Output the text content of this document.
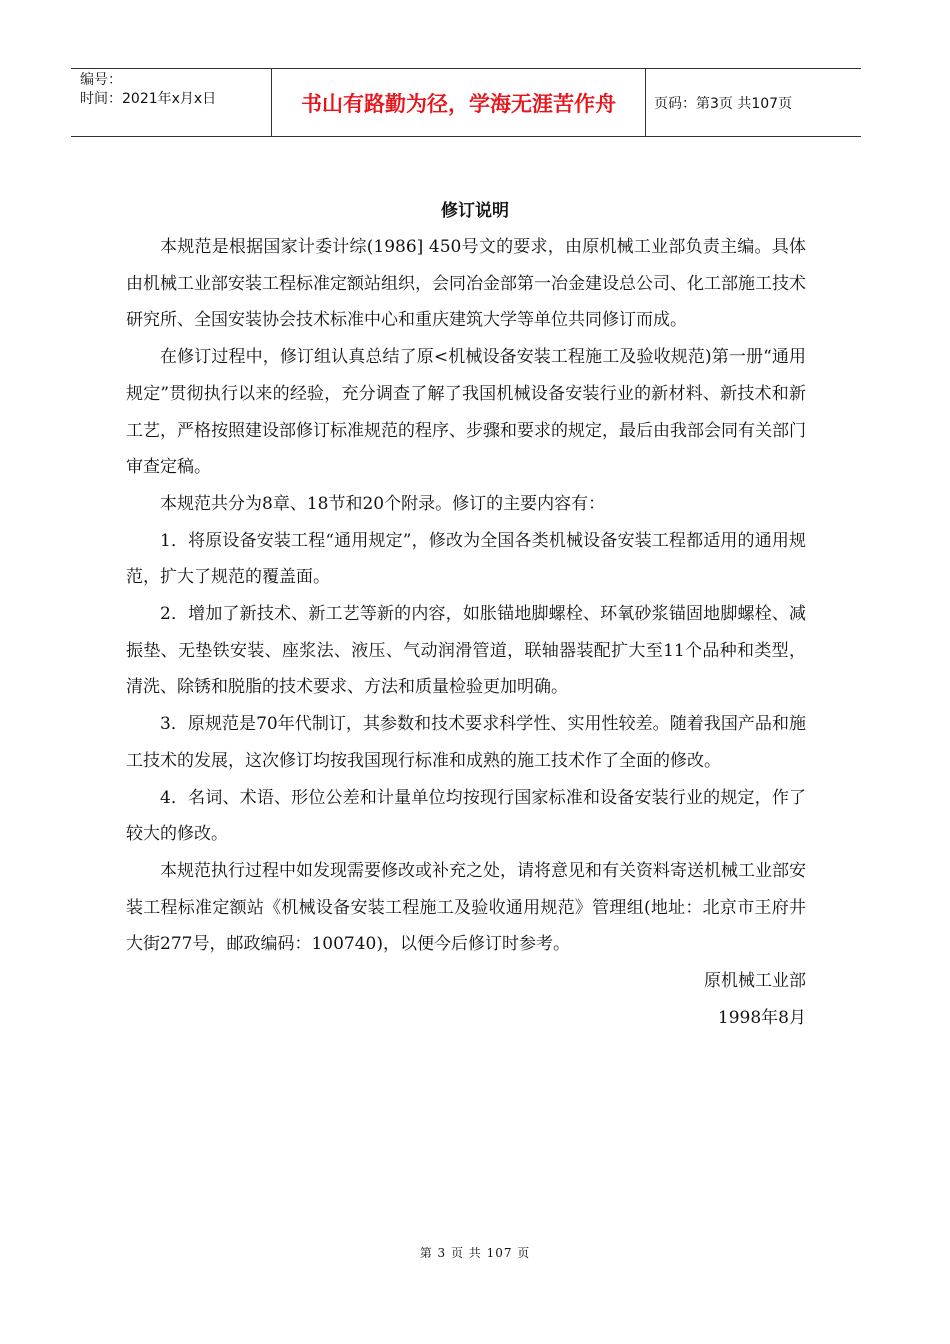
编号：
时间：2021年x月x日	书山有路勤为径，学海无涯苦作舟	页码：第3页 共107页
修订说明

本规范是根据国家计委计综(1986] 450号文的要求，由原机械工业部负责主编。具体由机械工业部安装工程标准定额站组织，会同冶金部第一冶金建设总公司、化工部施工技术研究所、全国安装协会技术标准中心和重庆建筑大学等单位共同修订而成。

在修订过程中，修订组认真总结了原<机械设备安装工程施工及验收规范)第一册“通用规定”贯彻执行以来的经验，充分调查了解了我国机械设备安装行业的新材料、新技术和新工艺，严格按照建设部修订标准规范的程序、步骤和要求的规定，最后由我部会同有关部门审查定稿。

本规范共分为8章、18节和20个附录。修订的主要内容有：

1．将原设备安装工程“通用规定”，修改为全国各类机械设备安装工程都适用的通用规范，扩大了规范的覆盖面。

2．增加了新技术、新工艺等新的内容，如胀锚地脚螺栓、环氧砂浆锚固地脚螺栓、减振垫、无垫铁安装、座浆法、液压、气动润滑管道，联轴器装配扩大至11个品种和类型，清洗、除锈和脱脂的技术要求、方法和质量检验更加明确。

3．原规范是70年代制订，其参数和技术要求科学性、实用性较差。随着我国产品和施工技术的发展，这次修订均按我国现行标准和成熟的施工技术作了全面的修改。

4．名词、术语、形位公差和计量单位均按现行国家标准和设备安装行业的规定，作了较大的修改。

本规范执行过程中如发现需要修改或补充之处，请将意见和有关资料寄送机械工业部安装工程标准定额站《机械设备安装工程施工及验收通用规范》管理组(地址：北京市王府井大街277号，邮政编码：100740)，以便今后修订时参考。

原机械工业部
1998年8月
第 3 页 共 107 页
